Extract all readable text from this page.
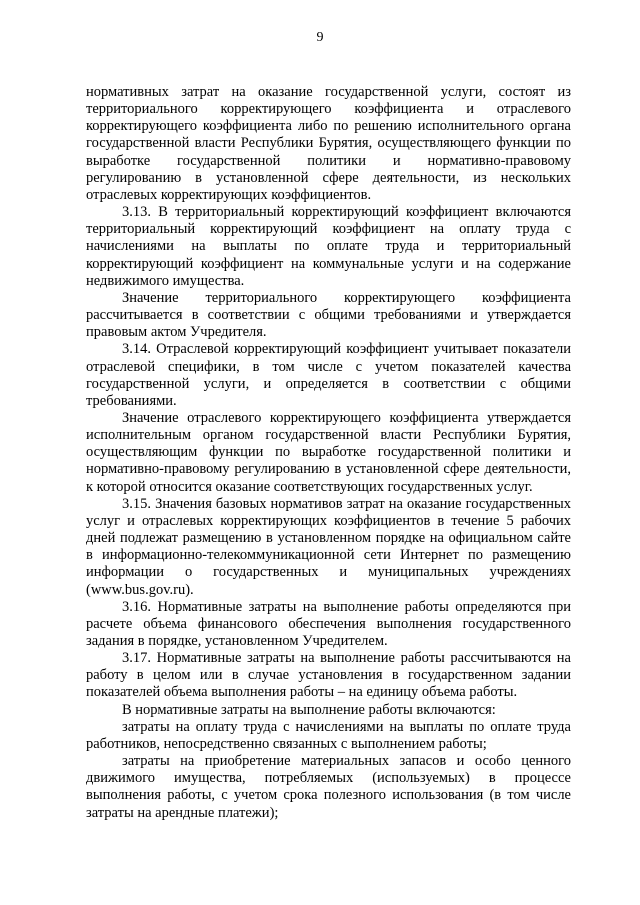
9

нормативных затрат на оказание государственной услуги, состоят из территориального корректирующего коэффициента и отраслевого корректирующего коэффициента либо по решению исполнительного органа государственной власти Республики Бурятия, осуществляющего функции по выработке государственной политики и нормативно-правовому регулированию в установленной сфере деятельности, из нескольких отраслевых корректирующих коэффициентов.

3.13. В территориальный корректирующий коэффициент включаются территориальный корректирующий коэффициент на оплату труда с начислениями на выплаты по оплате труда и территориальный корректирующий коэффициент на коммунальные услуги и на содержание недвижимого имущества.

Значение территориального корректирующего коэффициента рассчитывается в соответствии с общими требованиями и утверждается правовым актом Учредителя.

3.14. Отраслевой корректирующий коэффициент учитывает показатели отраслевой специфики, в том числе с учетом показателей качества государственной услуги, и определяется в соответствии с общими требованиями.

Значение отраслевого корректирующего коэффициента утверждается исполнительным органом государственной власти Республики Бурятия, осуществляющим функции по выработке государственной политики и нормативно-правовому регулированию в установленной сфере деятельности, к которой относится оказание соответствующих государственных услуг.

3.15. Значения базовых нормативов затрат на оказание государственных услуг и отраслевых корректирующих коэффициентов в течение 5 рабочих дней подлежат размещению в установленном порядке на официальном сайте в информационно-телекоммуникационной сети Интернет по размещению информации о государственных и муниципальных учреждениях (www.bus.gov.ru).

3.16. Нормативные затраты на выполнение работы определяются при расчете объема финансового обеспечения выполнения государственного задания в порядке, установленном Учредителем.

3.17. Нормативные затраты на выполнение работы рассчитываются на работу в целом или в случае установления в государственном задании показателей объема выполнения работы – на единицу объема работы.

В нормативные затраты на выполнение работы включаются:

затраты на оплату труда с начислениями на выплаты по оплате труда работников, непосредственно связанных с выполнением работы;

затраты на приобретение материальных запасов и особо ценного движимого имущества, потребляемых (используемых) в процессе выполнения работы, с учетом срока полезного использования (в том числе затраты на арендные платежи);
